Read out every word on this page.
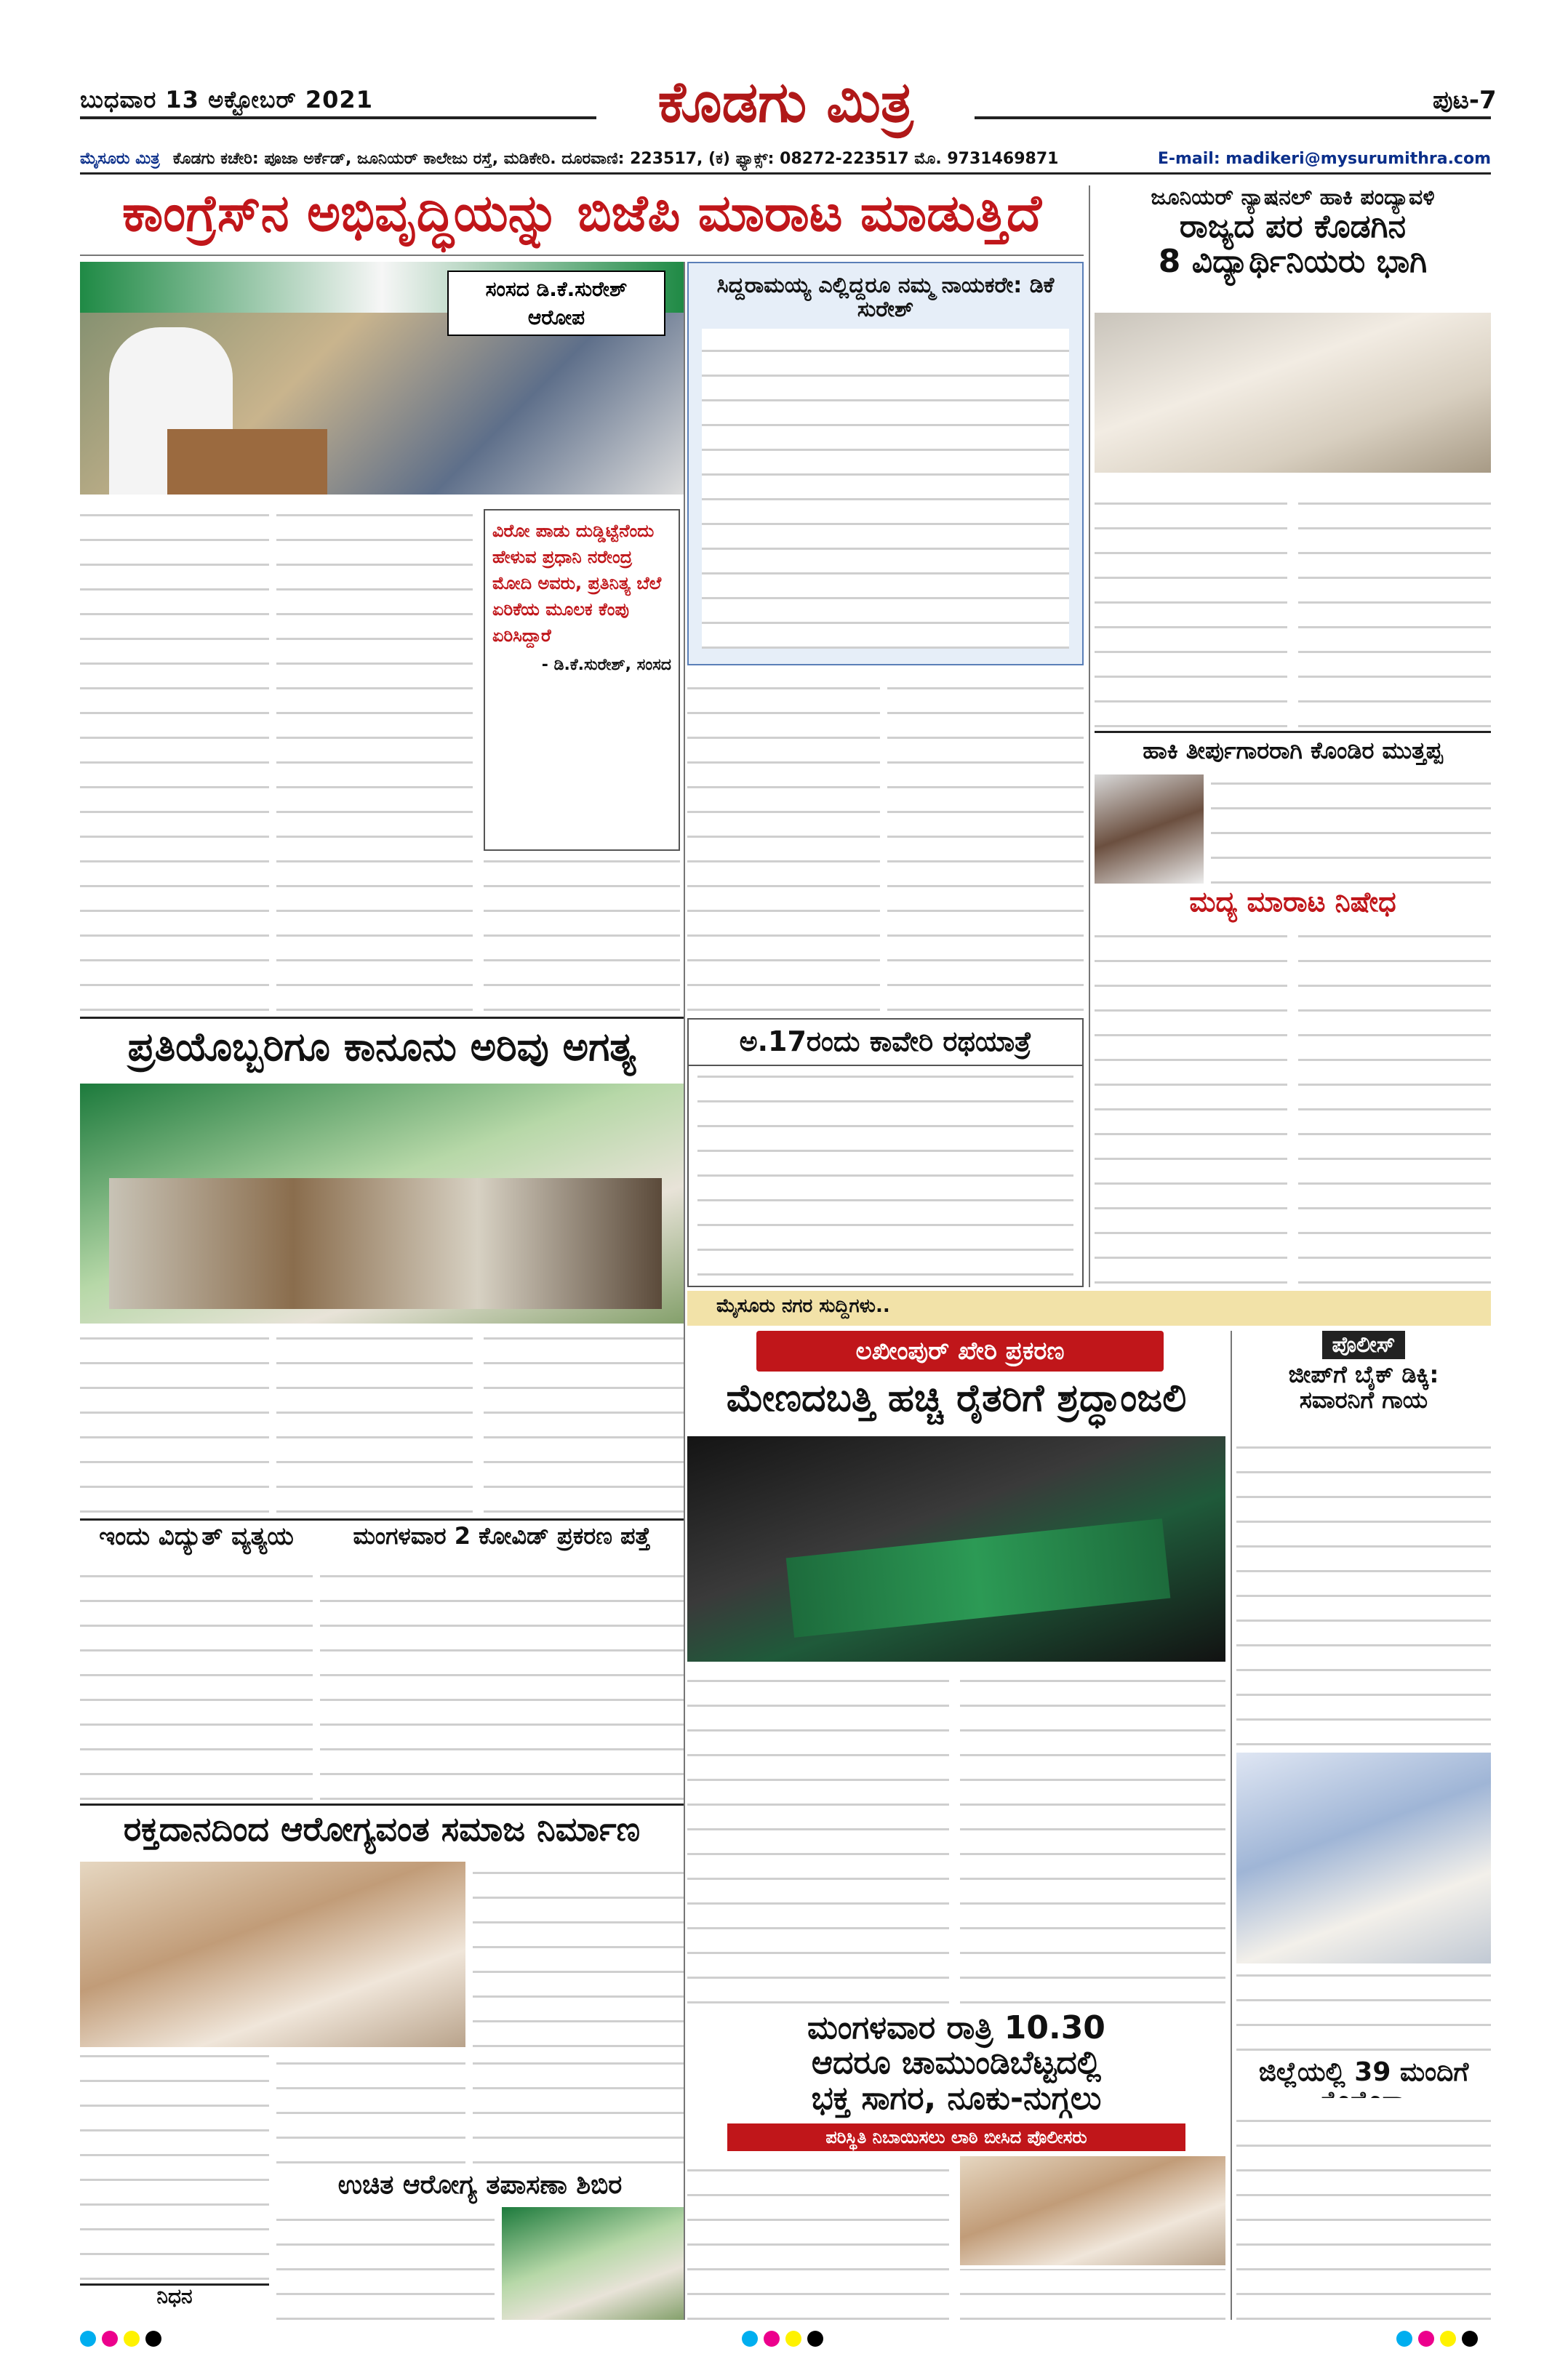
ಬುಧವಾರ 13 ಅಕ್ಟೋಬರ್ 2021	ಕೊಡಗು ಮಿತ್ರ	ಪುಟ-7
ಮೈಸೂರು ಮಿತ್ರ ಕೊಡಗು ಕಚೇರಿ: ಪೂಜಾ ಅರ್ಕೆಡ್, ಜೂನಿಯರ್ ಕಾಲೇಜು ರಸ್ತೆ, ಮಡಿಕೇರಿ. ದೂರವಾಣಿ: 223517, (ಕ) ಫ್ಯಾಕ್ಸ್: 08272-223517 ಮೊ. 9731469871	E-mail: madikeri@mysurumithra.com
ಕಾಂಗ್ರೆಸ್‌ನ ಅಭಿವೃದ್ಧಿಯನ್ನು ಬಿಜೆಪಿ ಮಾರಾಟ ಮಾಡುತ್ತಿದೆ
ಸಂಸದ ಡಿ.ಕೆ.ಸುರೇಶ್
ಆರೋಪ
ಸಿದ್ದರಾಮಯ್ಯ ಎಲ್ಲಿದ್ದರೂ ನಮ್ಮ ನಾಯಕರೇ: ಡಿಕೆ ಸುರೇಶ್
ವಿರೋ ಪಾಡು ದುಡ್ಡಿಟ್ಟೆನೆಂದು ಹೇಳುವ ಪ್ರಧಾನಿ ನರೇಂದ್ರ ಮೋದಿ ಅವರು, ಪ್ರತಿನಿತ್ಯ ಬೆಲೆ ಏರಿಕೆಯ ಮೂಲಕ ಕೆಂಪು ಏರಿಸಿದ್ದಾರೆ
- ಡಿ.ಕೆ.ಸುರೇಶ್, ಸಂಸದ
ಪ್ರತಿಯೊಬ್ಬರಿಗೂ ಕಾನೂನು ಅರಿವು ಅಗತ್ಯ	ಅ.17ರಂದು ಕಾವೇರಿ ರಥಯಾತ್ರೆ
ಮೈಸೂರು ನಗರ ಸುದ್ದಿಗಳು..
ಲಖೀಂಪುರ್ ಖೇರಿ ಪ್ರಕರಣ
ಮೇಣದಬತ್ತಿ ಹಚ್ಚಿ ರೈತರಿಗೆ ಶ್ರದ್ಧಾಂಜಲಿ
ಪೊಲೀಸ್
ಜೀಪ್‌ಗೆ ಬೈಕ್ ಡಿಕ್ಕಿ:
ಸವಾರನಿಗೆ ಗಾಯ
ಮಂಗಳವಾರ ರಾತ್ರಿ 10.30
ಆದರೂ ಚಾಮುಂಡಿಬೆಟ್ಟದಲ್ಲಿ
ಭಕ್ತ ಸಾಗರ, ನೂಕು-ನುಗ್ಗಲು
ಪರಿಸ್ಥಿತಿ ನಿಬಾಯಿಸಲು ಲಾಠಿ ಬೀಸಿದ ಪೊಲೀಸರು
ಜಿಲ್ಲೆಯಲ್ಲಿ 39 ಮಂದಿಗೆ
ಜೂನಿಯರ್ ನ್ಯಾಷನಲ್ ಹಾಕಿ ಪಂದ್ಯಾವಳಿ
ರಾಜ್ಯದ ಪರ ಕೊಡಗಿನ
8 ವಿದ್ಯಾರ್ಥಿನಿಯರು ಭಾಗಿ
ಹಾಕಿ ತೀರ್ಪುಗಾರರಾಗಿ ಕೊಂಡಿರ ಮುತ್ತಪ್ಪ
ಮದ್ಯ ಮಾರಾಟ ನಿಷೇಧ
ಇಂದು ವಿದ್ಯುತ್ ವ್ಯತ್ಯಯ	ಮಂಗಳವಾರ 2 ಕೋವಿಡ್ ಪ್ರಕರಣ ಪತ್ತೆ
ರಕ್ತದಾನದಿಂದ ಆರೋಗ್ಯವಂತ ಸಮಾಜ ನಿರ್ಮಾಣ
ಉಚಿತ ಆರೋಗ್ಯ ತಪಾಸಣಾ ಶಿಬಿರ
ನಿಧನ
